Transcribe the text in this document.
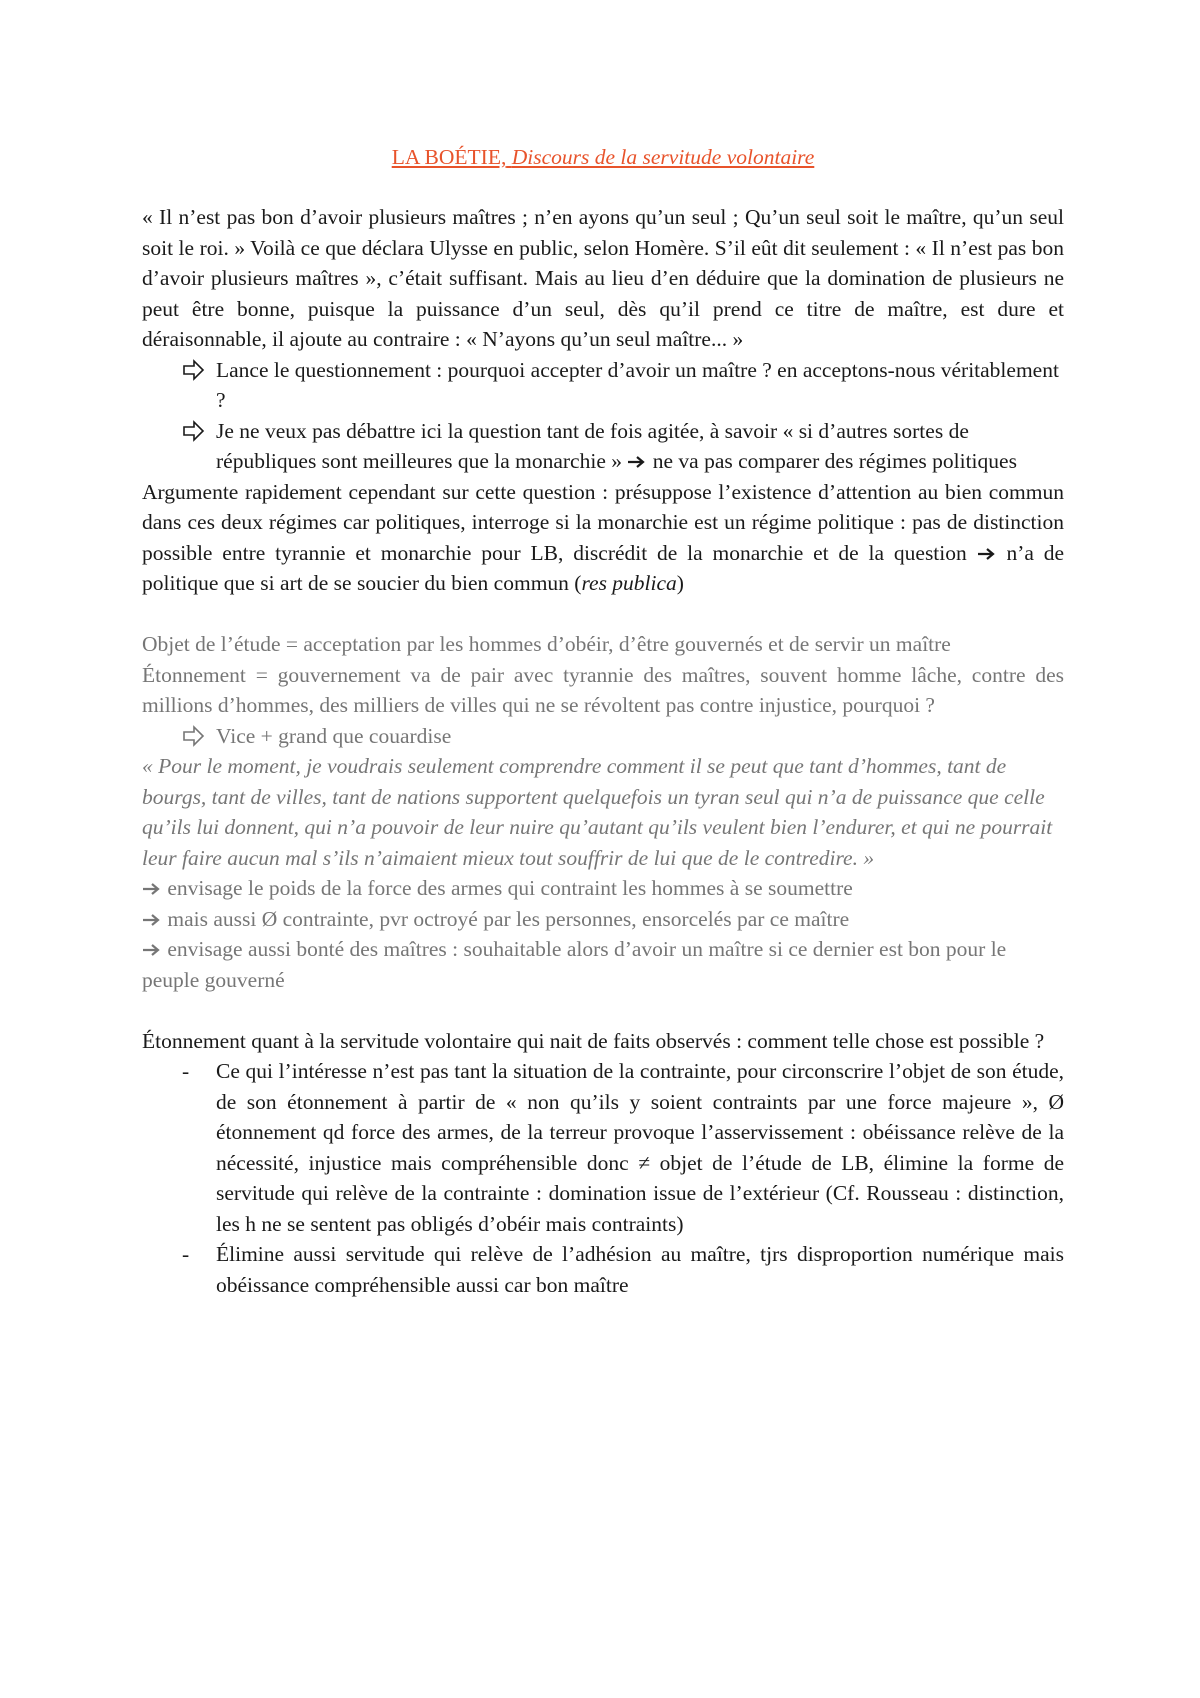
LA BOÉTIE, Discours de la servitude volontaire

« Il n’est pas bon d’avoir plusieurs maîtres ; n’en ayons qu’un seul ; Qu’un seul soit le maître, qu’un seul soit le roi. » Voilà ce que déclara Ulysse en public, selon Homère. S’il eût dit seulement : « Il n’est pas bon d’avoir plusieurs maîtres », c’était suffisant. Mais au lieu d’en déduire que la domination de plusieurs ne peut être bonne, puisque la puissance d’un seul, dès qu’il prend ce titre de maître, est dure et déraisonnable, il ajoute au contraire : « N’ayons qu’un seul maître... »

Lance le questionnement : pourquoi accepter d’avoir un maître ? en acceptons-nous véritablement ?
Je ne veux pas débattre ici la question tant de fois agitée, à savoir « si d’autres sortes de républiques sont meilleures que la monarchie » ne va pas comparer des régimes politiques

Argumente rapidement cependant sur cette question : présuppose l’existence d’attention au bien commun dans ces deux régimes car politiques, interroge si la monarchie est un régime politique : pas de distinction possible entre tyrannie et monarchie pour LB, discrédit de la monarchie et de la question n’a de politique que si art de se soucier du bien commun (res publica)

Objet de l’étude = acceptation par les hommes d’obéir, d’être gouvernés et de servir un maître

Étonnement = gouvernement va de pair avec tyrannie des maîtres, souvent homme lâche, contre des millions d’hommes, des milliers de villes qui ne se révoltent pas contre injustice, pourquoi ?

Vice + grand que couardise

« Pour le moment, je voudrais seulement comprendre comment il se peut que tant d’hommes, tant de bourgs, tant de villes, tant de nations supportent quelquefois un tyran seul qui n’a de puissance que celle qu’ils lui donnent, qui n’a pouvoir de leur nuire qu’autant qu’ils veulent bien l’endurer, et qui ne pourrait leur faire aucun mal s’ils n’aimaient mieux tout souffrir de lui que de le contredire. »

envisage le poids de la force des armes qui contraint les hommes à se soumettre

mais aussi Ø contrainte, pvr octroyé par les personnes, ensorcelés par ce maître

envisage aussi bonté des maîtres : souhaitable alors d’avoir un maître si ce dernier est bon pour le peuple gouverné

Étonnement quant à la servitude volontaire qui nait de faits observés : comment telle chose est possible ?

- Ce qui l’intéresse n’est pas tant la situation de la contrainte, pour circonscrire l’objet de son étude, de son étonnement à partir de « non qu’ils y soient contraints par une force majeure », Ø étonnement qd force des armes, de la terreur provoque l’asservissement : obéissance relève de la nécessité, injustice mais compréhensible donc ≠ objet de l’étude de LB, élimine la forme de servitude qui relève de la contrainte : domination issue de l’extérieur (Cf. Rousseau : distinction, les h ne se sentent pas obligés d’obéir mais contraints)
- Élimine aussi servitude qui relève de l’adhésion au maître, tjrs disproportion numérique mais obéissance compréhensible aussi car bon maître
